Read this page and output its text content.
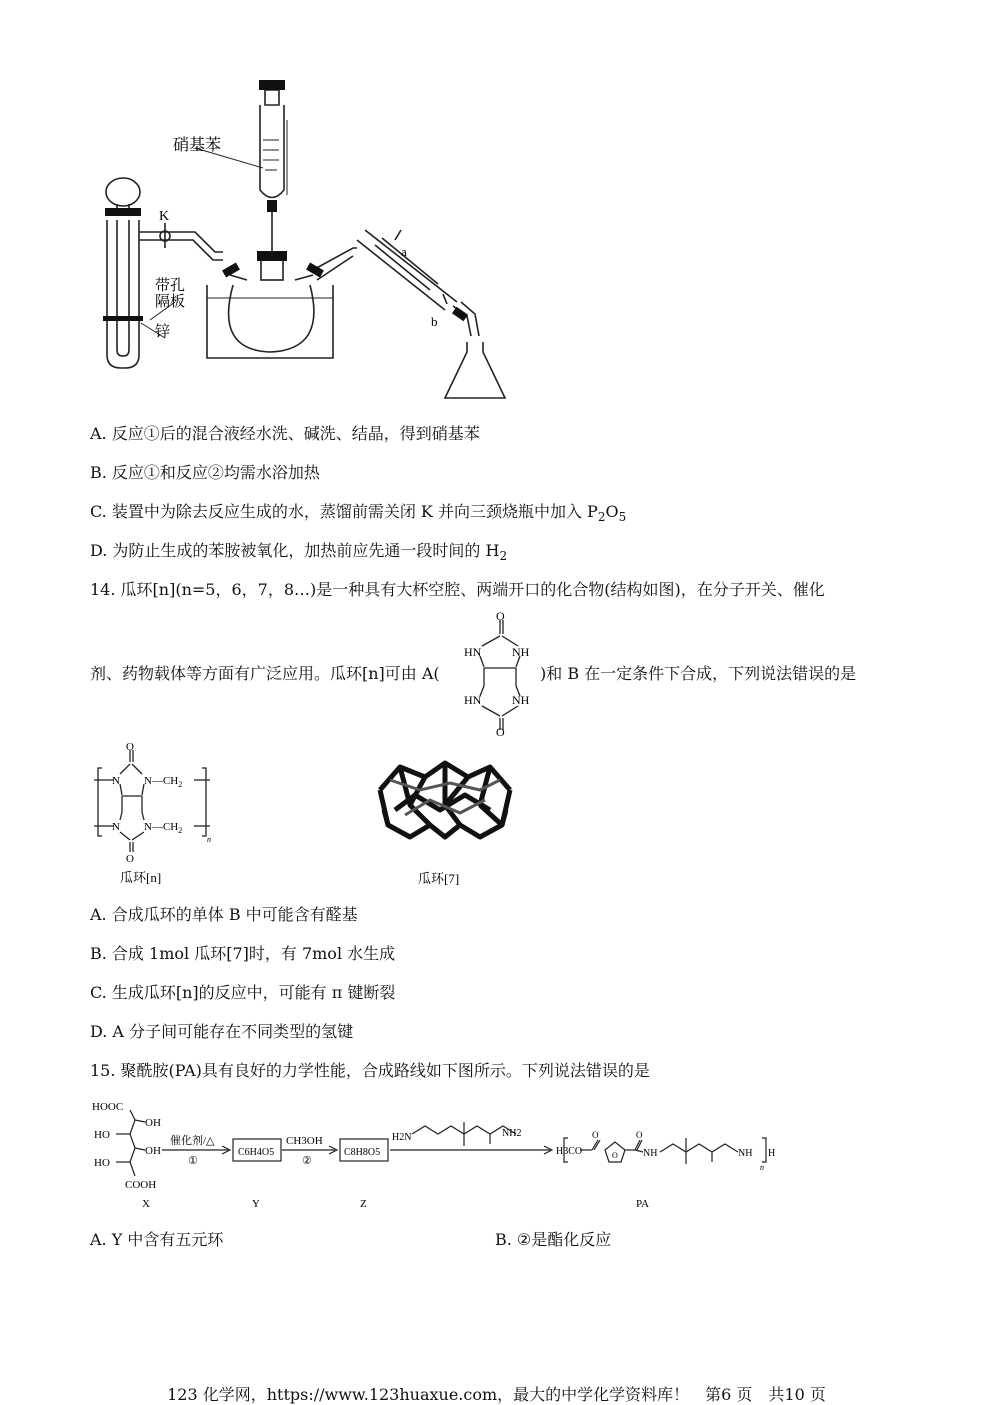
硝基苯
K
a
b
带孔
隔板
锌
A. 反应①后的混合液经水洗、碱洗、结晶，得到硝基苯
B. 反应①和反应②均需水浴加热
C. 装置中为除去反应生成的水，蒸馏前需关闭 K 并向三颈烧瓶中加入 $P_2O_5$
D. 为防止生成的苯胺被氧化，加热前应先通一段时间的 $H_2$
14. 瓜环[n](n=5，6，7，8…)是一种具有大杯空腔、两端开口的化合物(结构如图)，在分子开关、催化
剂、药物载体等方面有广泛应用。瓜环[n]可由 A(	)和 B 在一定条件下合成，下列说法错误的是
O
NH
HN
NH
HN
O
O
N $N—CH_2$
N $N—CH_2$
O
n
瓜环[n]	瓜环[7]
A. 合成瓜环的单体 B 中可能含有醛基
B. 合成 1mol 瓜环[7]时，有 7mol 水生成
C. 生成瓜环[n]的反应中，可能有 π 键断裂
D. A 分子间可能存在不同类型的氢键
15. 聚酰胺(PA)具有良好的力学性能，合成路线如下图所示。下列说法错误的是
HOOC
OH
HO
OH
HO
COOH
催化剂/△
①
C6H4O5
CH3OH
②
C8H8O5
H2N	NH2
H3CO
O
O
O
NH	NH H
n
X	Y	Z	PA
A. Y 中含有五元环	B. ②是酯化反应
123 化学网，https://www.123huaxue.com，最大的中学化学资料库！　第6 页　共10 页
